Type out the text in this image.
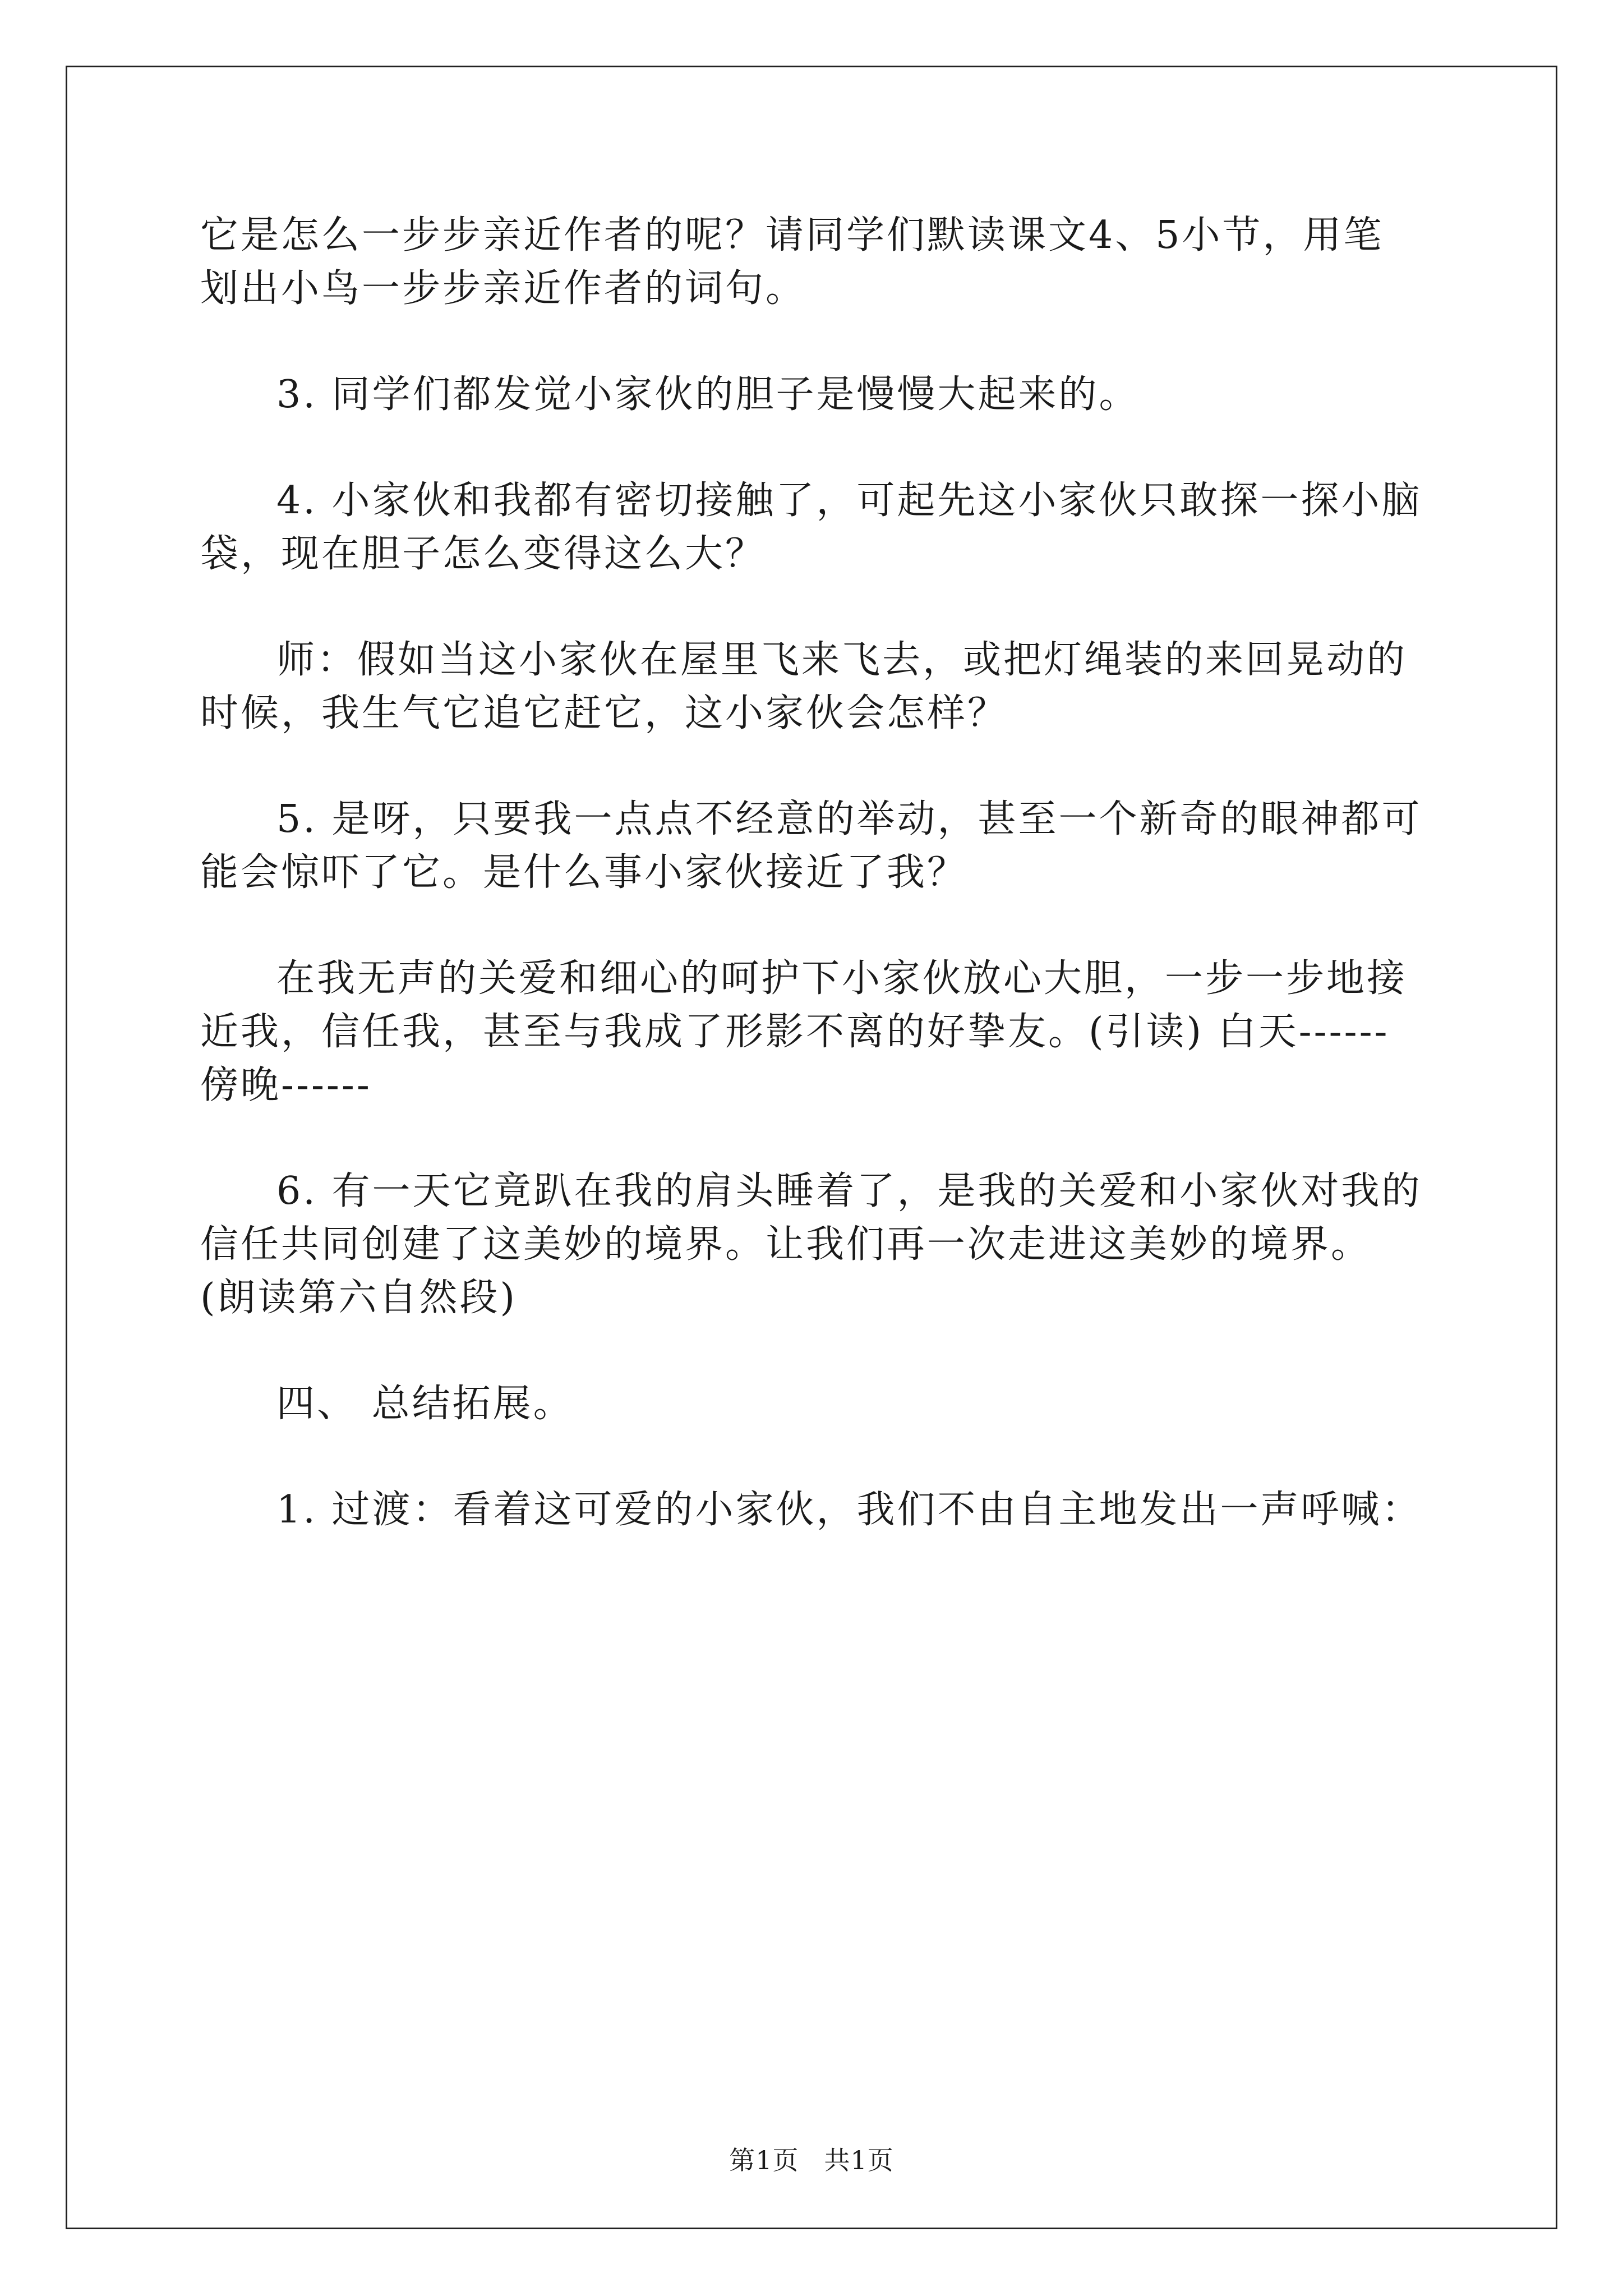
它是怎么一步步亲近作者的呢？请同学们默读课文4、5小节，用笔划出小鸟一步步亲近作者的词句。

3. 同学们都发觉小家伙的胆子是慢慢大起来的。

4. 小家伙和我都有密切接触了，可起先这小家伙只敢探一探小脑袋，现在胆子怎么变得这么大？

师：假如当这小家伙在屋里飞来飞去，或把灯绳装的来回晃动的时候，我生气它追它赶它，这小家伙会怎样？

5. 是呀，只要我一点点不经意的举动，甚至一个新奇的眼神都可能会惊吓了它。是什么事小家伙接近了我？

在我无声的关爱和细心的呵护下小家伙放心大胆，一步一步地接近我，信任我，甚至与我成了形影不离的好挚友。(引读) 白天------傍晚------

6. 有一天它竟趴在我的肩头睡着了，是我的关爱和小家伙对我的信任共同创建了这美妙的境界。让我们再一次走进这美妙的境界。(朗读第六自然段)

四、 总结拓展。

1. 过渡：看着这可爱的小家伙，我们不由自主地发出一声呼喊：

第1页 共1页
